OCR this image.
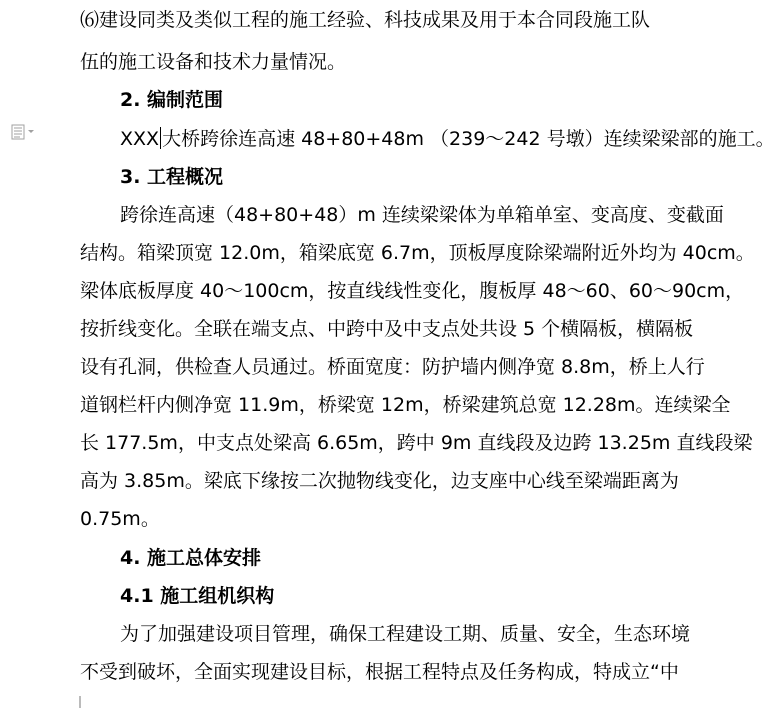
⑹建设同类及类似工程的施工经验、科技成果及用于本合同段施工队
伍的施工设备和技术力量情况。
2. 编制范围
XXX 大桥跨徐连高速 48+80+48m （239～242 号墩）连续梁梁部的施工。
3. 工程概况
跨徐连高速（48+80+48）m 连续梁梁体为单箱单室、变高度、变截面
结构。箱梁顶宽 12.0m，箱梁底宽 6.7m，顶板厚度除梁端附近外均为 40cm。
梁体底板厚度 40～100cm，按直线线性变化，腹板厚 48～60、60～90cm，
按折线变化。全联在端支点、中跨中及中支点处共设 5 个横隔板，横隔板
设有孔洞，供检查人员通过。桥面宽度：防护墙内侧净宽 8.8m，桥上人行
道钢栏杆内侧净宽 11.9m，桥梁宽 12m，桥梁建筑总宽 12.28m。连续梁全
长 177.5m，中支点处梁高 6.65m，跨中 9m 直线段及边跨 13.25m 直线段梁
高为 3.85m。梁底下缘按二次抛物线变化，边支座中心线至梁端距离为
0.75m。
4. 施工总体安排
4.1 施工组机织构
为了加强建设项目管理，确保工程建设工期、质量、安全，生态环境
不受到破坏，全面实现建设目标，根据工程特点及任务构成，特成立“中
